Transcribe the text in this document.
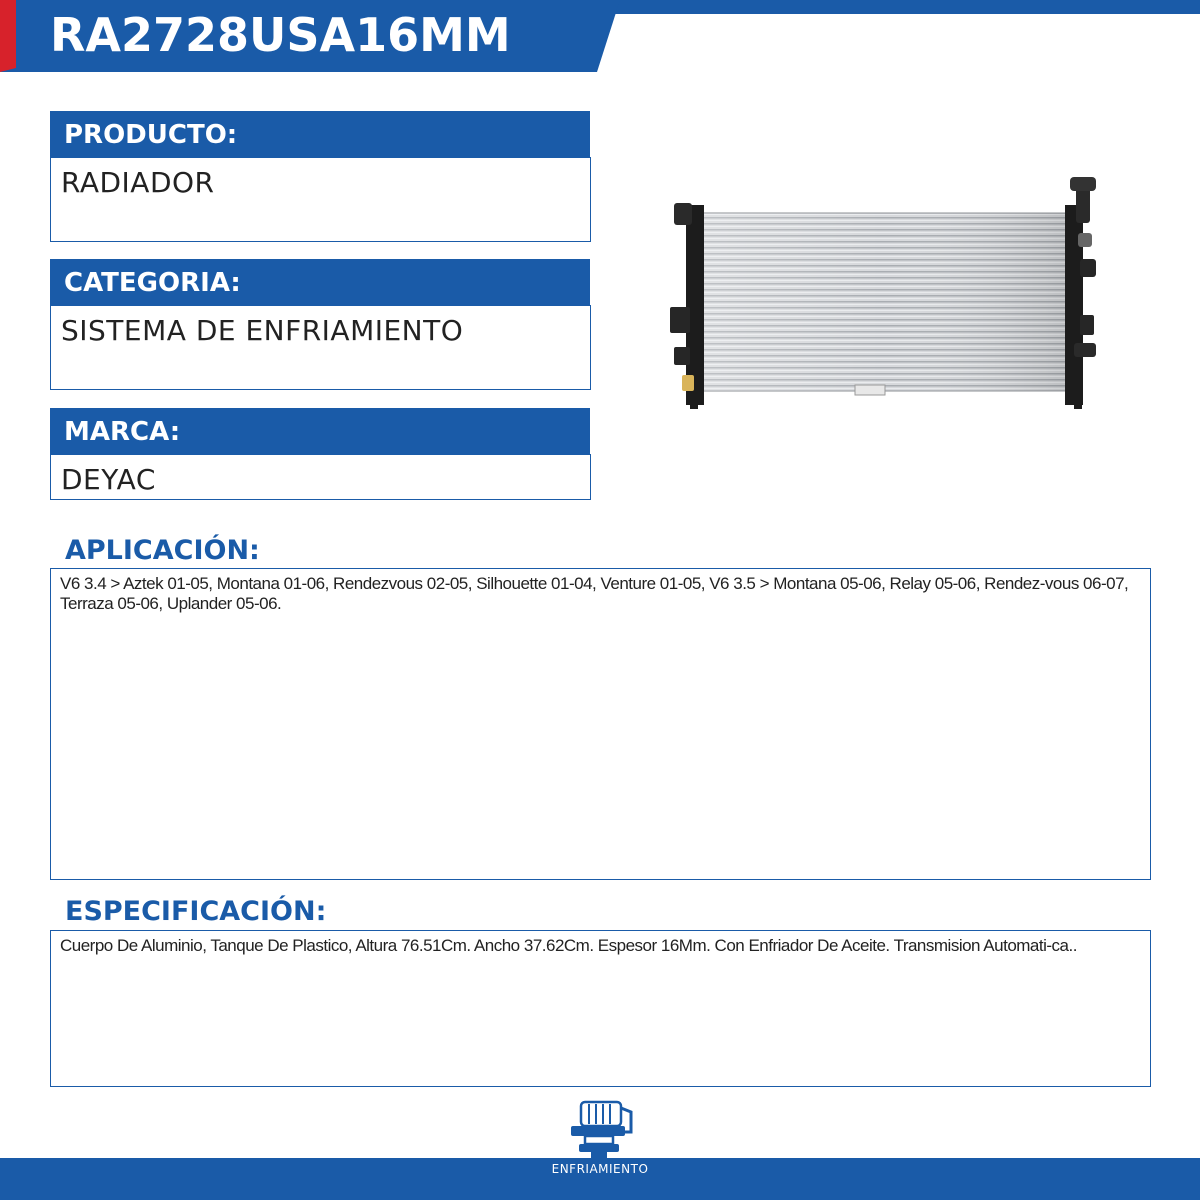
RA2728USA16MM
PRODUCTO:
RADIADOR
CATEGORIA:
SISTEMA DE ENFRIAMIENTO
MARCA:
DEYAC
APLICACIÓN:
V6 3.4 > Aztek 01-05, Montana 01-06, Rendezvous 02-05, Silhouette 01-04, Venture 01-05, V6 3.5 > Montana 05-06, Relay 05-06, Rendez-vous 06-07, Terraza 05-06, Uplander 05-06.
ESPECIFICACIÓN:
Cuerpo De Aluminio, Tanque De Plastico, Altura 76.51Cm. Ancho 37.62Cm. Espesor 16Mm. Con Enfriador De Aceite. Transmision Automati-ca..
ENFRIAMIENTO
